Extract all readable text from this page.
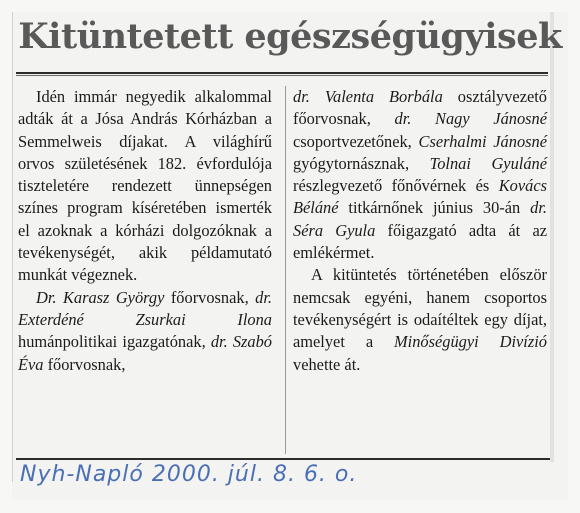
Kitüntetett egészségügyisek

Idén immár negyedik alkalommal adták át a Jósa András Kórházban a Semmelweis díjakat. A világhírű orvos születésének 182. évfordulója tiszteletére rendezett ünnepségen színes program kíséretében ismerték el azoknak a kórházi dolgozóknak a tevékenységét, akik példamutató munkát végeznek.

Dr. Karasz György főorvosnak, dr. Exterdéné Zsurkai Ilona humánpolitikai igazgatónak, dr. Szabó Éva főorvosnak,

dr. Valenta Borbála osztályvezető főorvosnak, dr. Nagy Jánosné csoportvezetőnek, Cserhalmi Jánosné gyógytornásznak, Tolnai Gyuláné részlegvezető főnővérnek és Kovács Béláné titkárnőnek június 30-án dr. Séra Gyula főigazgató adta át az emlékérmet.

A kitüntetés történetében először nemcsak egyéni, hanem csoportos tevékenységért is odaítéltek egy díjat, amelyet a Minőségügyi Divízió vehette át.

Nyh-Napló 2000. júl. 8. 6. o.
